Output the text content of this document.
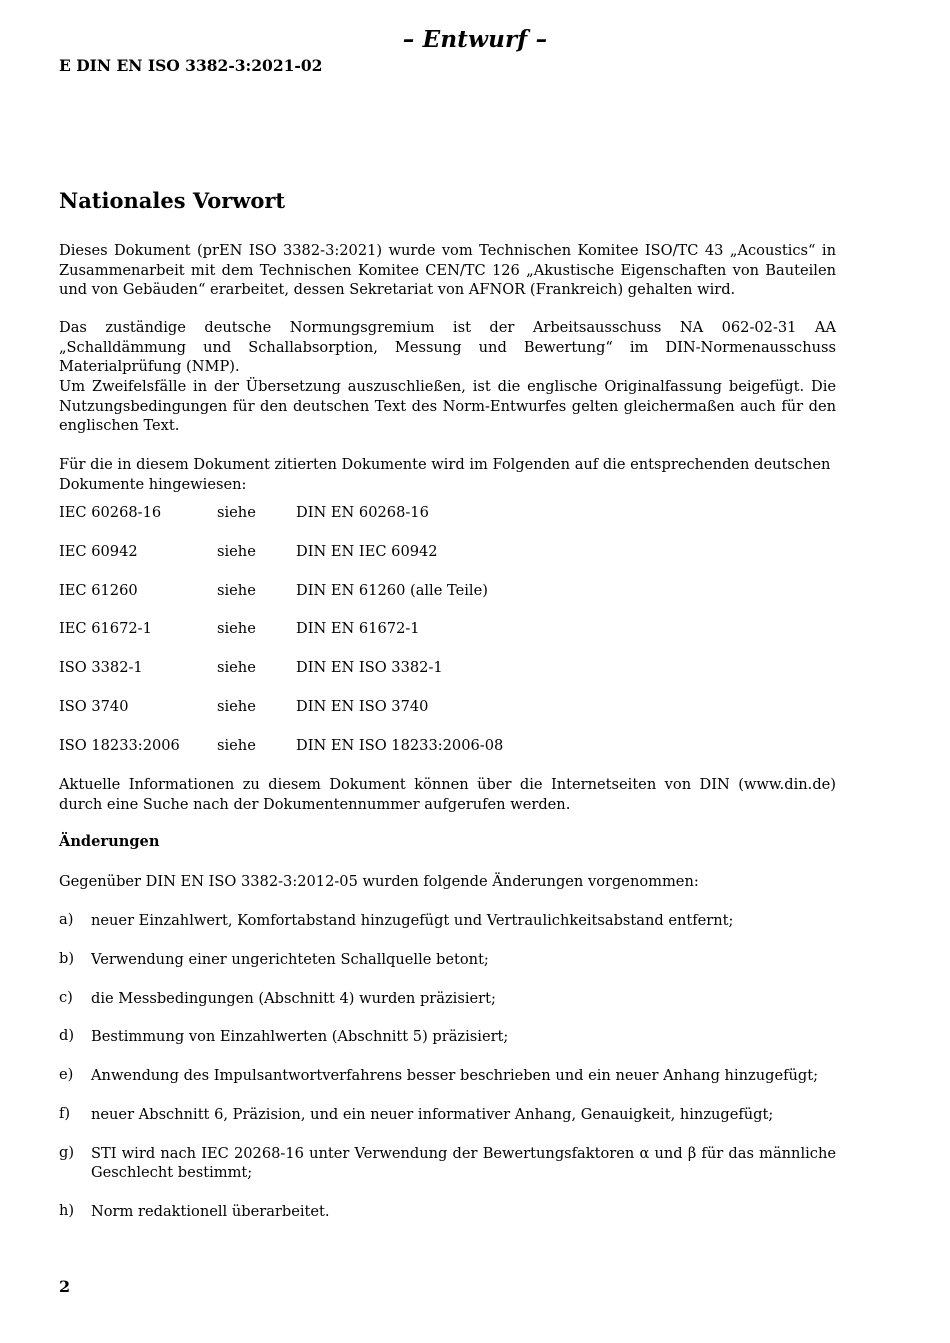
– Entwurf –
E DIN EN ISO 3382-3:2021-02
Nationales Vorwort
Dieses Dokument (prEN ISO 3382-3:2021) wurde vom Technischen Komitee ISO/TC 43 „Acoustics“ in Zusammenarbeit mit dem Technischen Komitee CEN/TC 126 „Akustische Eigenschaften von Bauteilen und von Gebäuden“ erarbeitet, dessen Sekretariat von AFNOR (Frankreich) gehalten wird.
Das zuständige deutsche Normungsgremium ist der Arbeitsausschuss NA 062-02-31 AA „Schalldämmung und Schallabsorption, Messung und Bewertung“ im DIN-Normenausschuss Materialprüfung (NMP).
Um Zweifelsfälle in der Übersetzung auszuschließen, ist die englische Originalfassung beigefügt. Die Nutzungsbedingungen für den deutschen Text des Norm-Entwurfes gelten gleichermaßen auch für den englischen Text.
Für die in diesem Dokument zitierten Dokumente wird im Folgenden auf die entsprechenden deutschen Dokumente hingewiesen:
IEC 60268-16	siehe	DIN EN 60268-16
IEC 60942	siehe	DIN EN IEC 60942
IEC 61260	siehe	DIN EN 61260 (alle Teile)
IEC 61672-1	siehe	DIN EN 61672-1
ISO 3382-1	siehe	DIN EN ISO 3382-1
ISO 3740	siehe	DIN EN ISO 3740
ISO 18233:2006	siehe	DIN EN ISO 18233:2006-08
Aktuelle Informationen zu diesem Dokument können über die Internetseiten von DIN (www.din.de) durch eine Suche nach der Dokumentennummer aufgerufen werden.
Änderungen
Gegenüber DIN EN ISO 3382-3:2012-05 wurden folgende Änderungen vorgenommen:
a) neuer Einzahlwert, Komfortabstand hinzugefügt und Vertraulichkeitsabstand entfernt;
b) Verwendung einer ungerichteten Schallquelle betont;
c) die Messbedingungen (Abschnitt 4) wurden präzisiert;
d) Bestimmung von Einzahlwerten (Abschnitt 5) präzisiert;
e) Anwendung des Impulsantwortverfahrens besser beschrieben und ein neuer Anhang hinzugefügt;
f) neuer Abschnitt 6, Präzision, und ein neuer informativer Anhang, Genauigkeit, hinzugefügt;
g) STI wird nach IEC 20268-16 unter Verwendung der Bewertungsfaktoren α und β für das männliche Geschlecht bestimmt;
h) Norm redaktionell überarbeitet.
2
